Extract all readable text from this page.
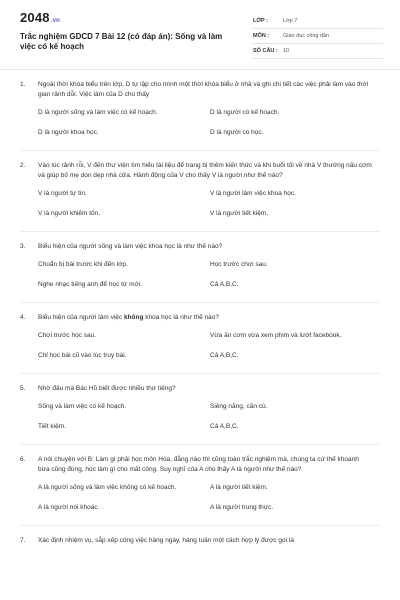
2048.vn
Trắc nghiệm GDCD 7 Bài 12 (có đáp án): Sống và làm việc có kế hoạch
LỚP :	Lớp 7
MÔN :	Giáo dục công dân
SỐ CÂU : 10
1.	Ngoài thời khóa biểu trên lớp, D tự lập cho mình một thời khóa biểu ở nhà và ghi chi tiết các việc phải làm vào thời gian rảnh dỗi. Việc làm của D cho thấy
D là người sống và làm việc có kế hoạch.	D là người có kế hoạch.
D là người khoa học.	D là người có học.
2.	Vào lúc rảnh rỗi, V đến thư viện tìm hiểu tài liệu để trang bị thêm kiến thức và khi buổi tối về nhà V thường nấu cơm và giúp bố mẹ dọn dẹp nhà cửa. Hành động của V cho thấy V là người như thế nào?
V là người tự tin.	V là người làm việc khoa học.
V là người khiêm tốn.	V là người tiết kiệm.
3.	Biểu hiện của người sống và làm việc khoa học là như thế nào?
Chuẩn bị bài trước khi đến lớp.	Học trước chơi sau.
Nghe nhạc tiếng anh để học từ mới.	Cả A,B,C.
4.	Biểu hiện của người làm việc không khoa học là như thế nào?
Chơi trước học sau.	Vừa ăn cơm vừa xem phim và lướt facebook.
Chỉ học bài cũ vào lúc truy bài.	Cả A,B,C.
5.	Nhờ đâu mà Bác Hồ biết được nhiều thứ tiếng?
Sống và làm việc có kế hoạch.	Siêng năng, cần cù.
Tiết kiệm.	Cả A,B,C.
6.	A nói chuyện với B: Làm gì phải học môn Hóa, đằng nào thì cũng toàn trắc nghiệm mà, chúng ta cứ thế khoanh bừa cũng đúng, học làm gì cho mất công. Suy nghĩ của A cho thấy A là người như thế nào?
A là người sống và làm việc không có kế hoạch.	A là người tiết kiệm.
A là người nói khoác.	A là người trung thực.
7.	Xác định nhiệm vụ, sắp xếp công việc hàng ngày, hàng tuần một cách hợp lý được gọi là
